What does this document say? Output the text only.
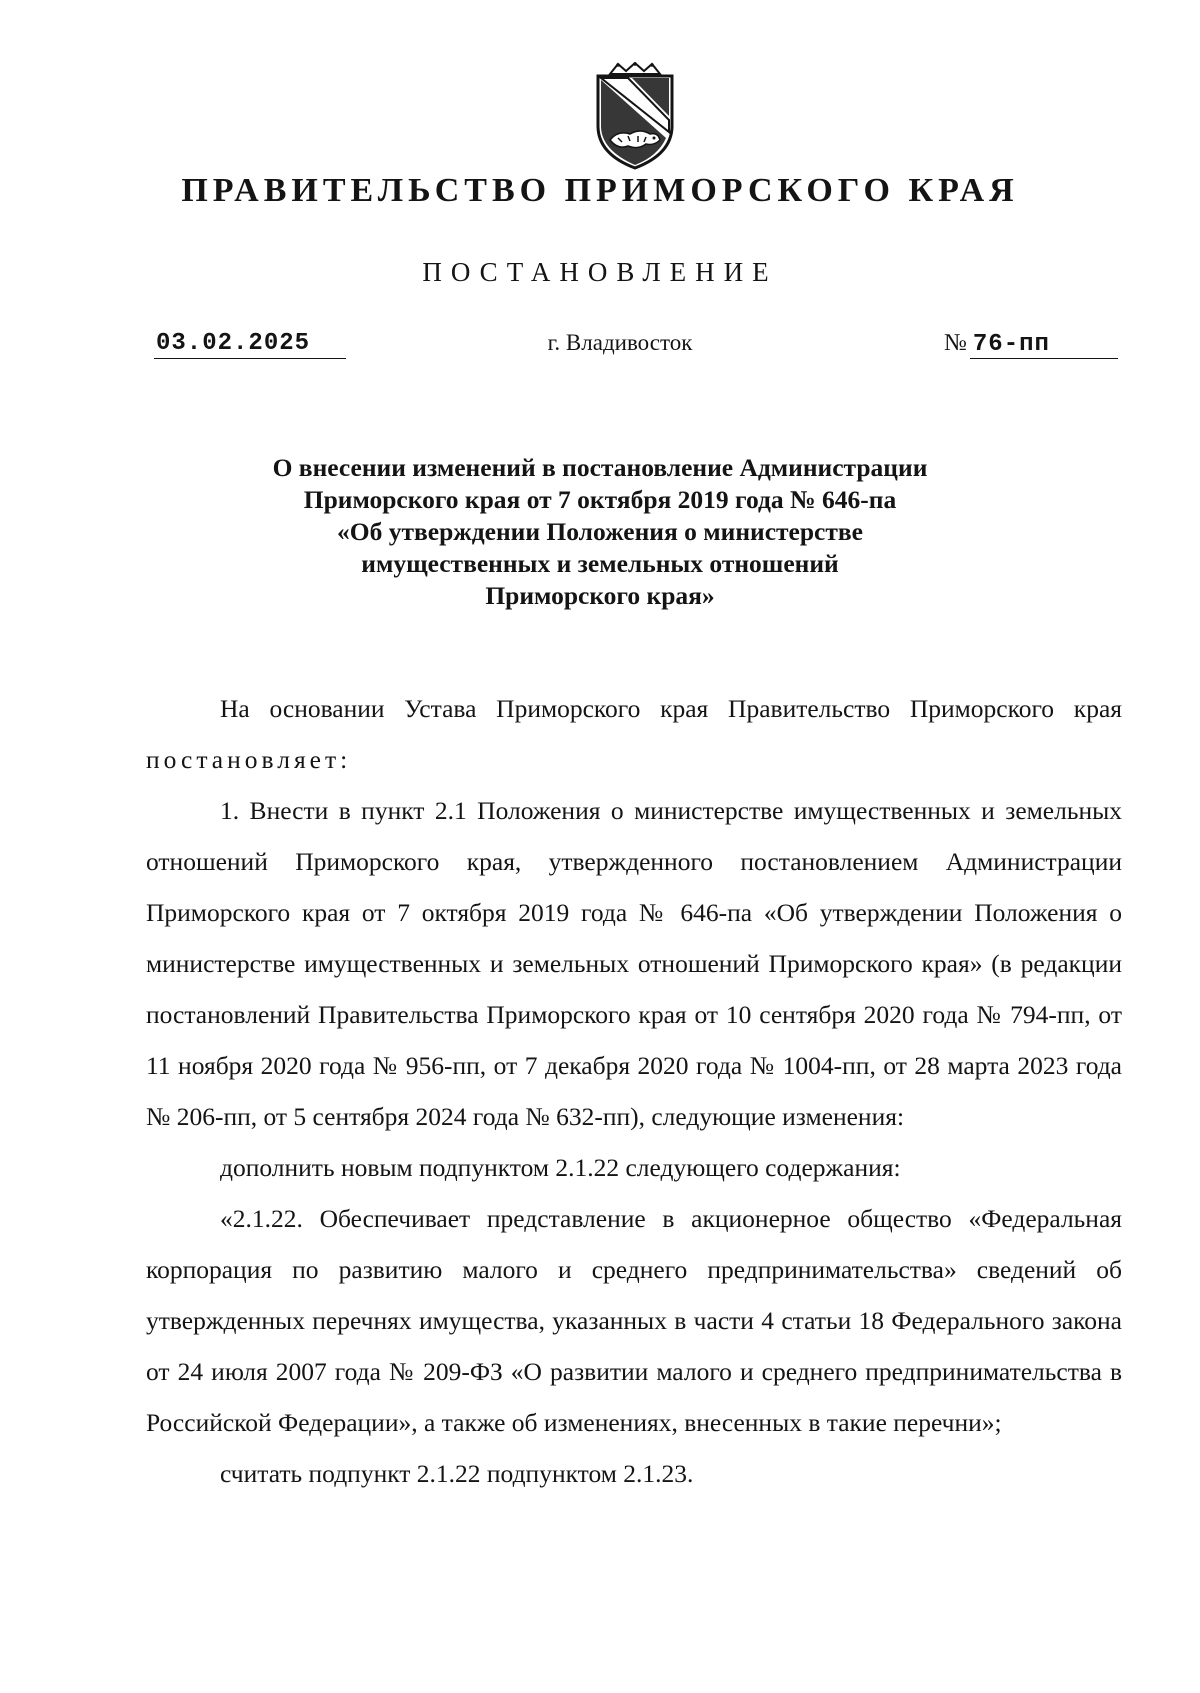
ПРАВИТЕЛЬСТВО ПРИМОРСКОГО КРАЯ
ПОСТАНОВЛЕНИЕ
03.02.2025	г. Владивосток	№ 76-пп
О внесении изменений в постановление Администрации
Приморского края от 7 октября 2019 года № 646-па
«Об утверждении Положения о министерстве
имущественных и земельных отношений
Приморского края»

На основании Устава Приморского края Правительство Приморского края постановляет:

1. Внести в пункт 2.1 Положения о министерстве имущественных и земельных отношений Приморского края, утвержденного постановлением Администрации Приморского края от 7 октября 2019 года № 646-па «Об утверждении Положения о министерстве имущественных и земельных отношений Приморского края» (в редакции постановлений Правительства Приморского края от 10 сентября 2020 года № 794-пп, от 11 ноября 2020 года № 956-пп, от 7 декабря 2020 года № 1004-пп, от 28 марта 2023 года № 206-пп, от 5 сентября 2024 года № 632-пп), следующие изменения:

дополнить новым подпунктом 2.1.22 следующего содержания:

«2.1.22. Обеспечивает представление в акционерное общество «Федеральная корпорация по развитию малого и среднего предпринимательства» сведений об утвержденных перечнях имущества, указанных в части 4 статьи 18 Федерального закона от 24 июля 2007 года № 209-ФЗ «О развитии малого и среднего предпринимательства в Российской Федерации», а также об изменениях, внесенных в такие перечни»;

считать подпункт 2.1.22 подпунктом 2.1.23.
